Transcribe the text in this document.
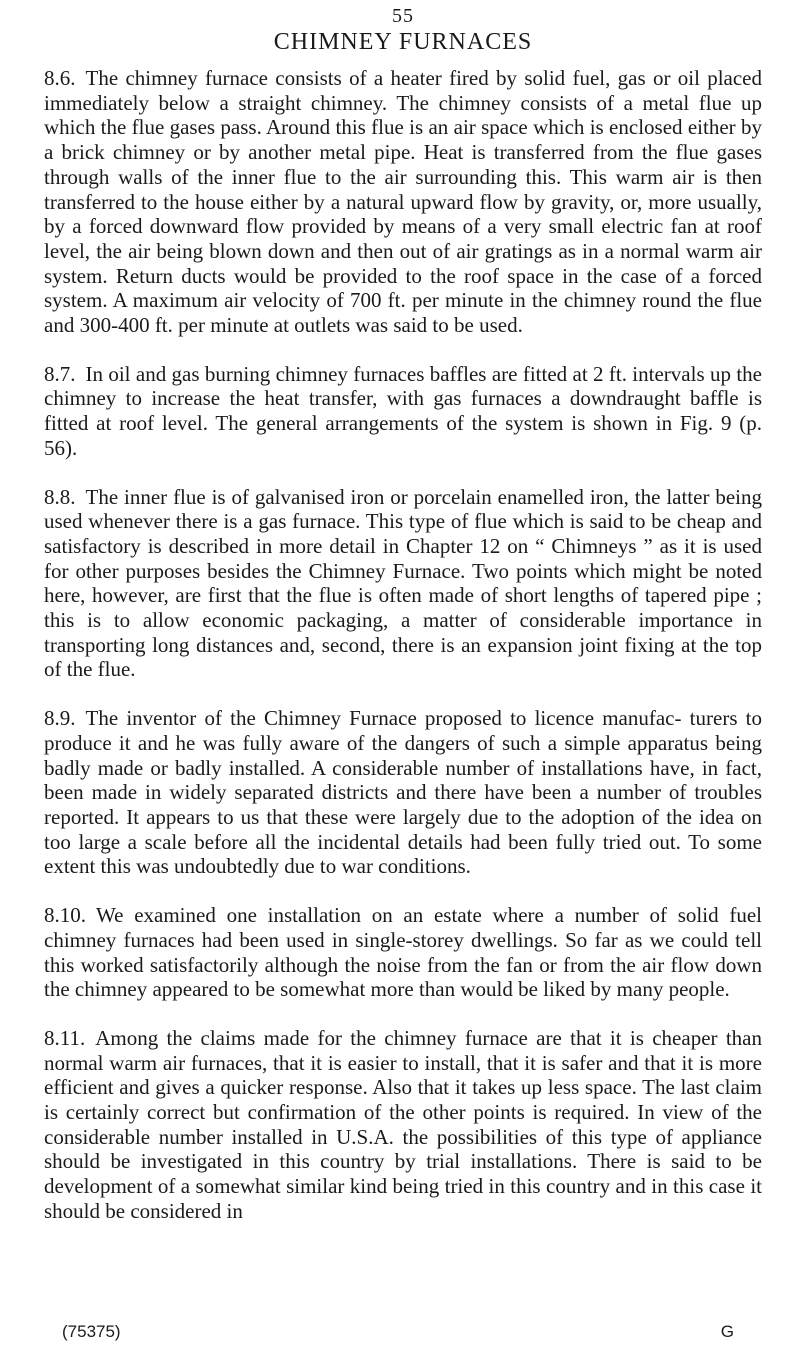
55
CHIMNEY FURNACES

8.6. The chimney furnace consists of a heater fired by solid fuel, gas or oil placed immediately below a straight chimney. The chimney consists of a metal flue up which the flue gases pass. Around this flue is an air space which is enclosed either by a brick chimney or by another metal pipe. Heat is transferred from the flue gases through walls of the inner flue to the air surrounding this. This warm air is then transferred to the house either by a natural upward flow by gravity, or, more usually, by a forced downward flow provided by means of a very small electric fan at roof level, the air being blown down and then out of air gratings as in a normal warm air system. Return ducts would be provided to the roof space in the case of a forced system. A maximum air velocity of 700 ft. per minute in the chimney round the flue and 300-400 ft. per minute at outlets was said to be used.

8.7. In oil and gas burning chimney furnaces baffles are fitted at 2 ft. intervals up the chimney to increase the heat transfer, with gas furnaces a downdraught baffle is fitted at roof level. The general arrangements of the system is shown in Fig. 9 (p. 56).

8.8. The inner flue is of galvanised iron or porcelain enamelled iron, the latter being used whenever there is a gas furnace. This type of flue which is said to be cheap and satisfactory is described in more detail in Chapter 12 on “ Chimneys ” as it is used for other purposes besides the Chimney Furnace. Two points which might be noted here, however, are first that the flue is often made of short lengths of tapered pipe ; this is to allow economic packaging, a matter of considerable importance in transporting long distances and, second, there is an expansion joint fixing at the top of the flue.

8.9. The inventor of the Chimney Furnace proposed to licence manufac- turers to produce it and he was fully aware of the dangers of such a simple apparatus being badly made or badly installed. A considerable number of installations have, in fact, been made in widely separated districts and there have been a number of troubles reported. It appears to us that these were largely due to the adoption of the idea on too large a scale before all the incidental details had been fully tried out. To some extent this was undoubtedly due to war conditions.

8.10. We examined one installation on an estate where a number of solid fuel chimney furnaces had been used in single-storey dwellings. So far as we could tell this worked satisfactorily although the noise from the fan or from the air flow down the chimney appeared to be somewhat more than would be liked by many people.

8.11. Among the claims made for the chimney furnace are that it is cheaper than normal warm air furnaces, that it is easier to install, that it is safer and that it is more efficient and gives a quicker response. Also that it takes up less space. The last claim is certainly correct but confirmation of the other points is required. In view of the considerable number installed in U.S.A. the possibilities of this type of appliance should be investigated in this country by trial installations. There is said to be development of a somewhat similar kind being tried in this country and in this case it should be considered in

(75375)	G
